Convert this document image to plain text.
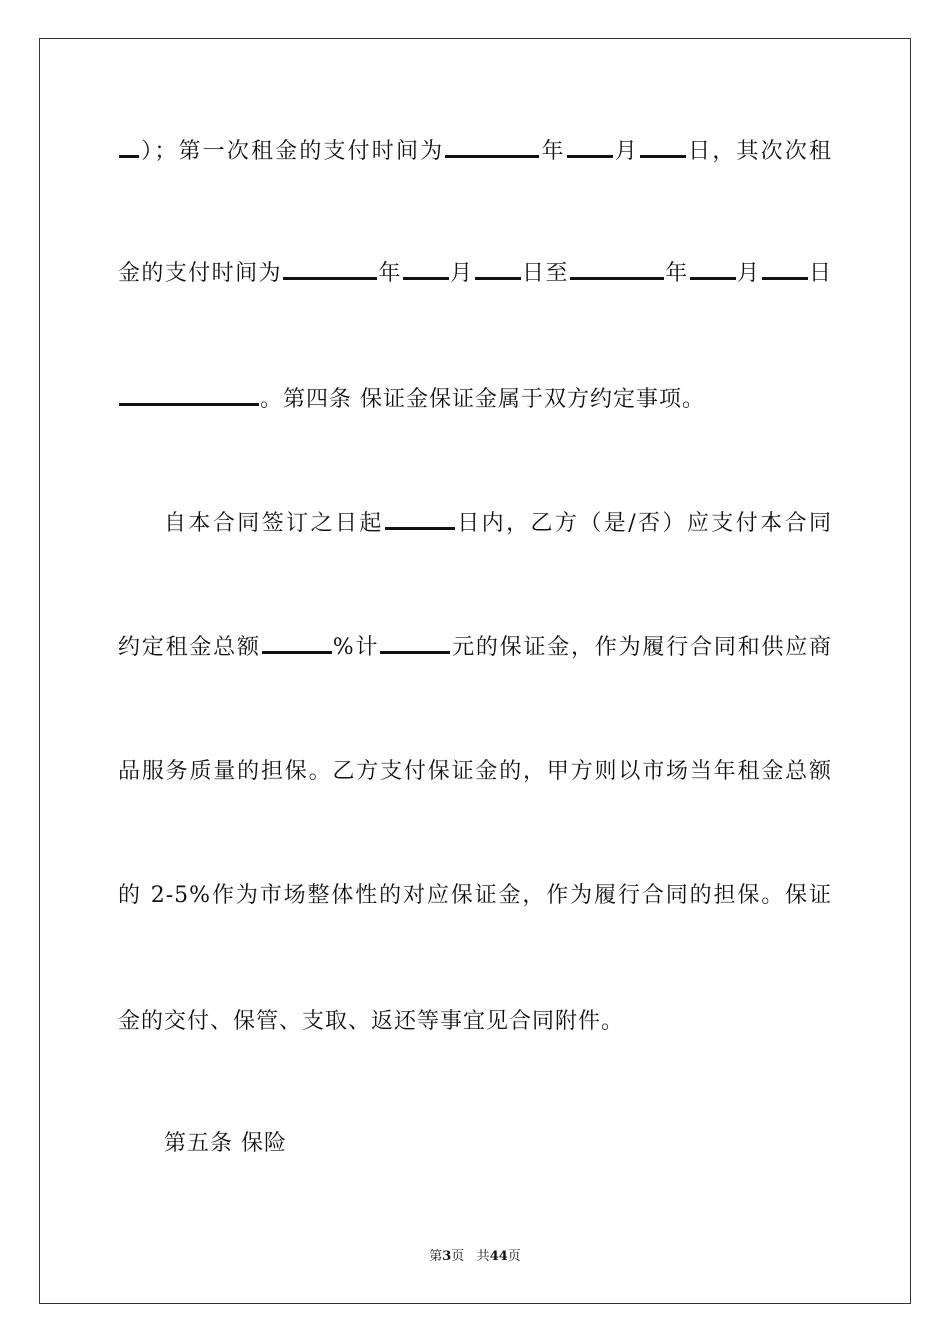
）；第一次租金的支付时间为	年 月 日，其次次租
金的支付时间为	年 月 日至	年 月 日
。第四条 保证金保证金属于双方约定事项。
自本合同签订之日起	日内，乙方（是/否）应支付本合同
约定租金总额	%计	元的保证金，作为履行合同和供应商
品服务质量的担保。乙方支付保证金的，甲方则以市场当年租金总额
的 2-5%作为市场整体性的对应保证金，作为履行合同的担保。保证
金的交付、保管、支取、返还等事宜见合同附件。
第五条 保险
第3页 共44页
